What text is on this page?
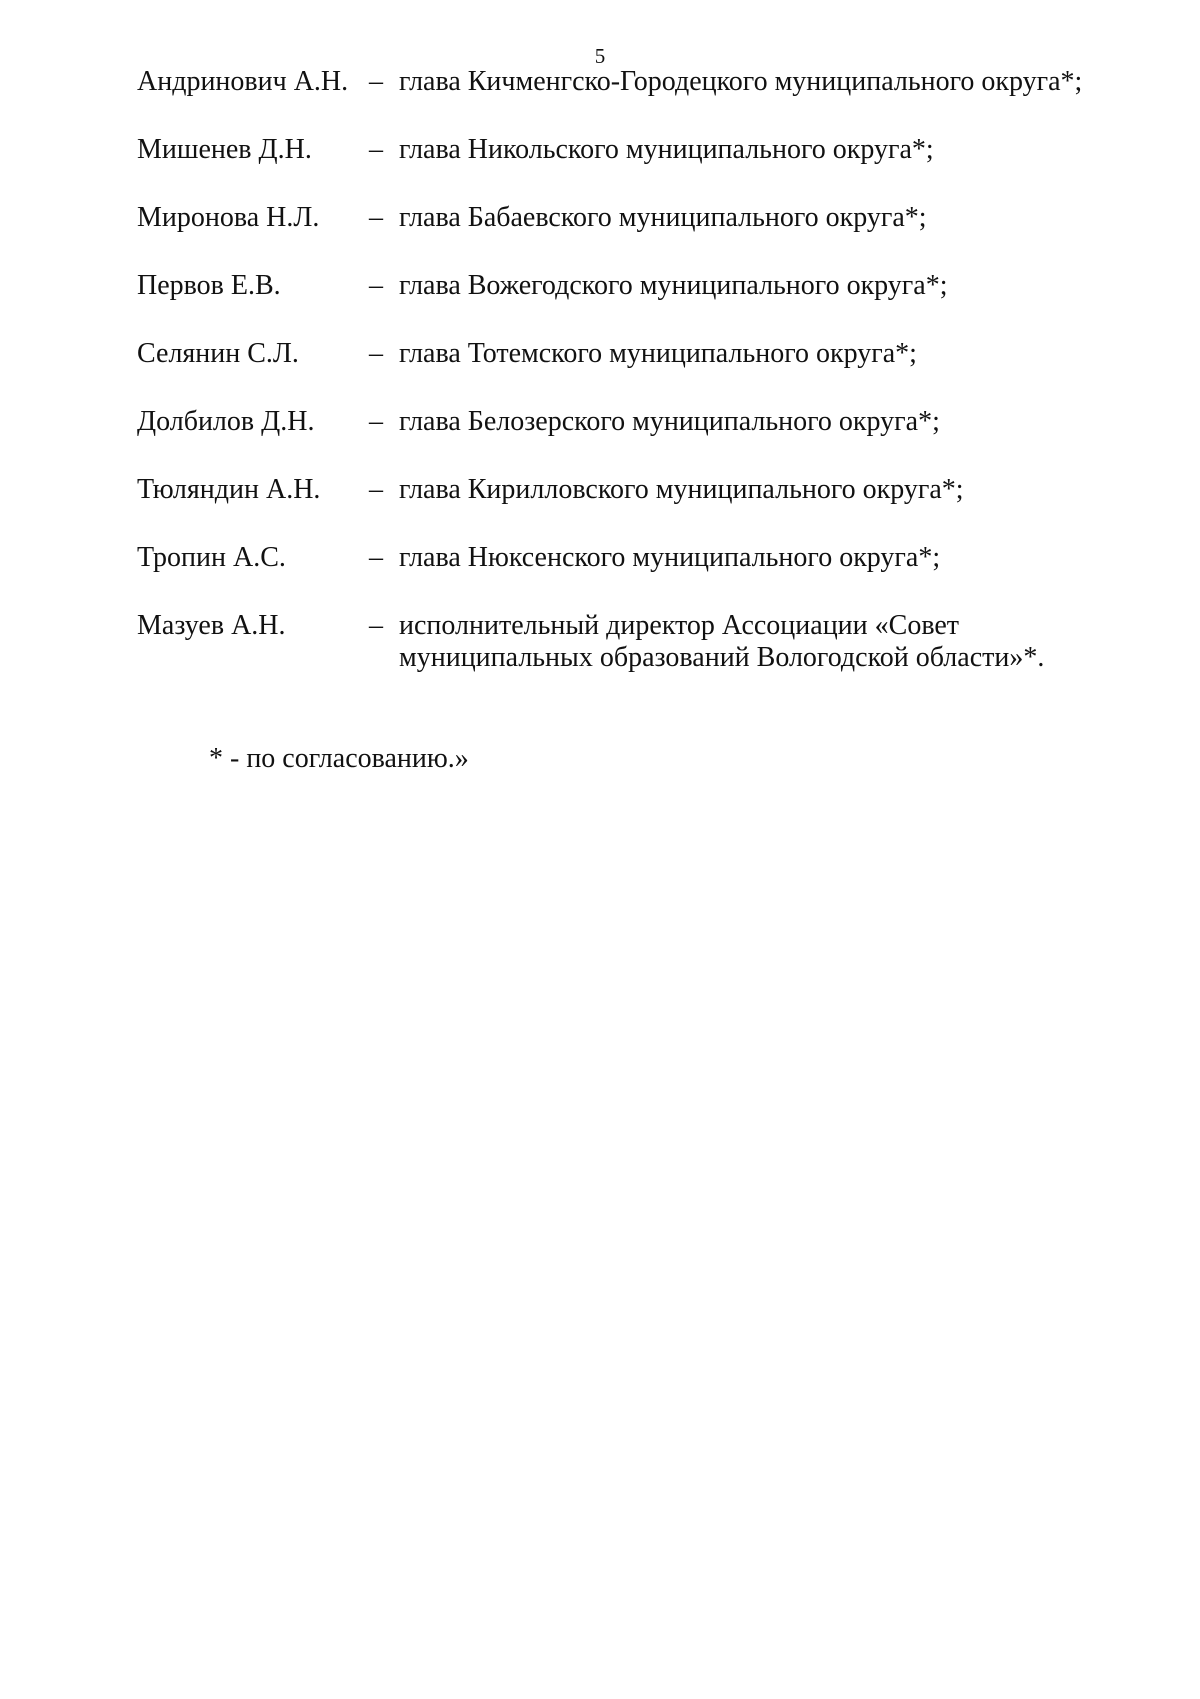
5
Андринович А.Н. – глава Кичменгско-Городецкого муниципального округа*;
Мишенев Д.Н.	– глава Никольского муниципального округа*;
Миронова Н.Л.	– глава Бабаевского муниципального округа*;
Первов Е.В.	– глава Вожегодского муниципального округа*;
Селянин С.Л.	– глава Тотемского муниципального округа*;
Долбилов Д.Н.	– глава Белозерского муниципального округа*;
Тюляндин А.Н.	– глава Кирилловского муниципального округа*;
Тропин А.С.	– глава Нюксенского муниципального округа*;
Мазуев А.Н.	– исполнительный директор Ассоциации «Совет
муниципальных образований Вологодской области»*.
* - по согласованию.»
